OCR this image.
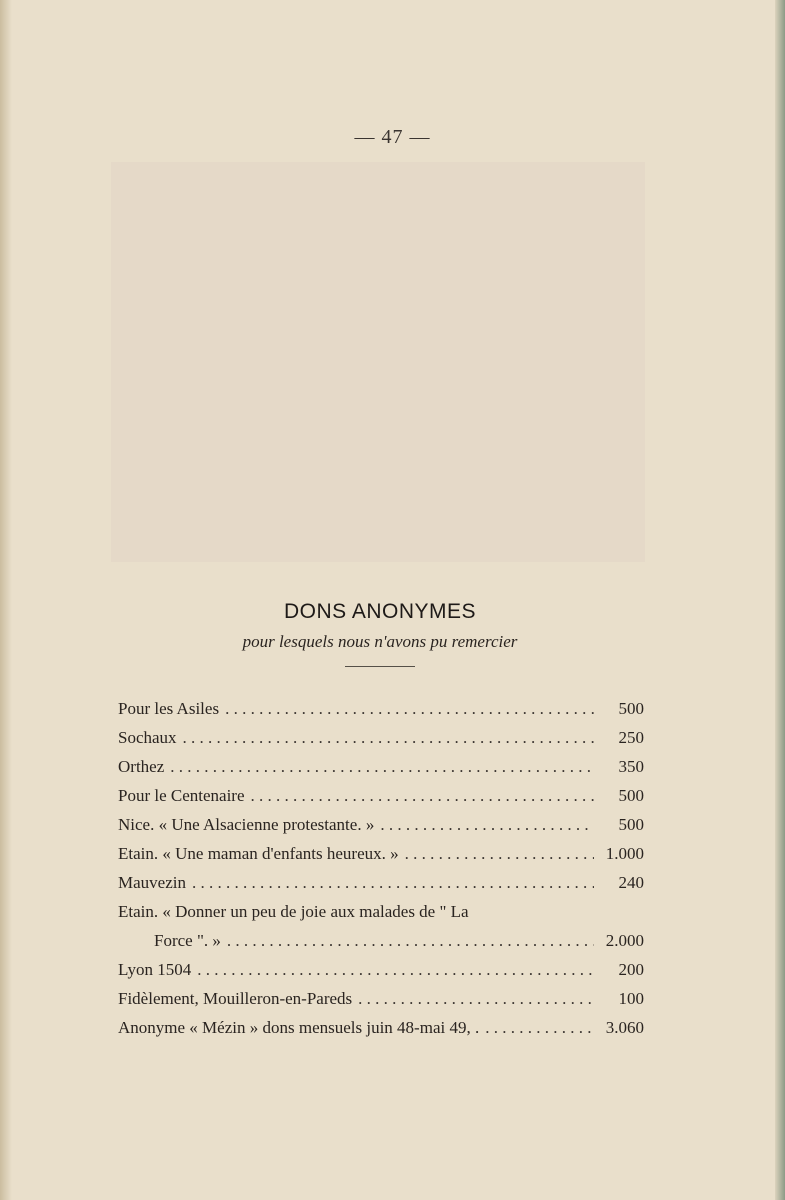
— 47 —
DONS ANONYMES
pour lesquels nous n'avons pu remercier
Pour les Asiles . . .	500
Sochaux . . .	250
Orthez . . .	350
Pour le Centenaire . . .	500
Nice. « Une Alsacienne protestante. » . . .	500
Etain. « Une maman d'enfants heureux. » . . .	1.000
Mauvezin . . .	240
Etain. « Donner un peu de joie aux malades de " La
Force ". » . . .	2.000
Lyon 1504 . . .	200
Fidèlement, Mouilleron-en-Pareds . . .	100
Anonyme « Mézin » dons mensuels juin 48-mai 49, . . . .	3.060
